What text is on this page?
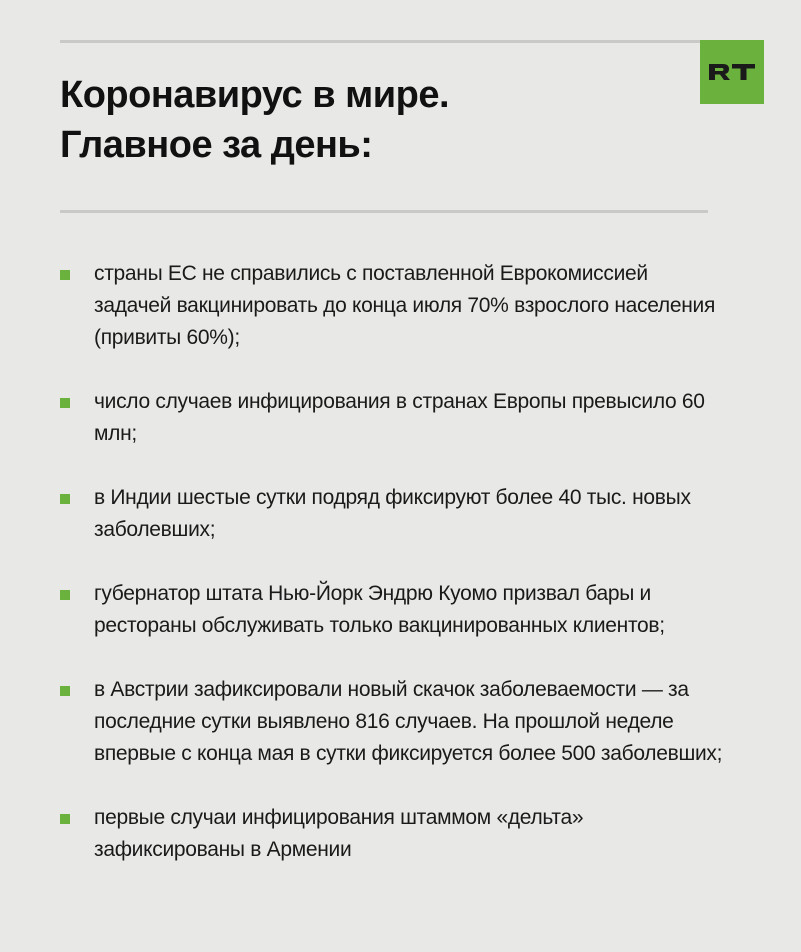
Коронавирус в мире.
Главное за день:
страны ЕС не справились с поставленной Еврокомиссией задачей вакцинировать до конца июля 70% взрослого населения (привиты 60%);
число случаев инфицирования в странах Европы превысило 60 млн;
в Индии шестые сутки подряд фиксируют более 40 тыс. новых заболевших;
губернатор штата Нью-Йорк Эндрю Куомо призвал бары и рестораны обслуживать только вакцинированных клиентов;
в Австрии зафиксировали новый скачок заболеваемости — за последние сутки выявлено 816 случаев. На прошлой неделе впервые с конца мая в сутки фиксируется более 500 заболевших;
первые случаи инфицирования штаммом «дельта» зафиксированы в Армении
